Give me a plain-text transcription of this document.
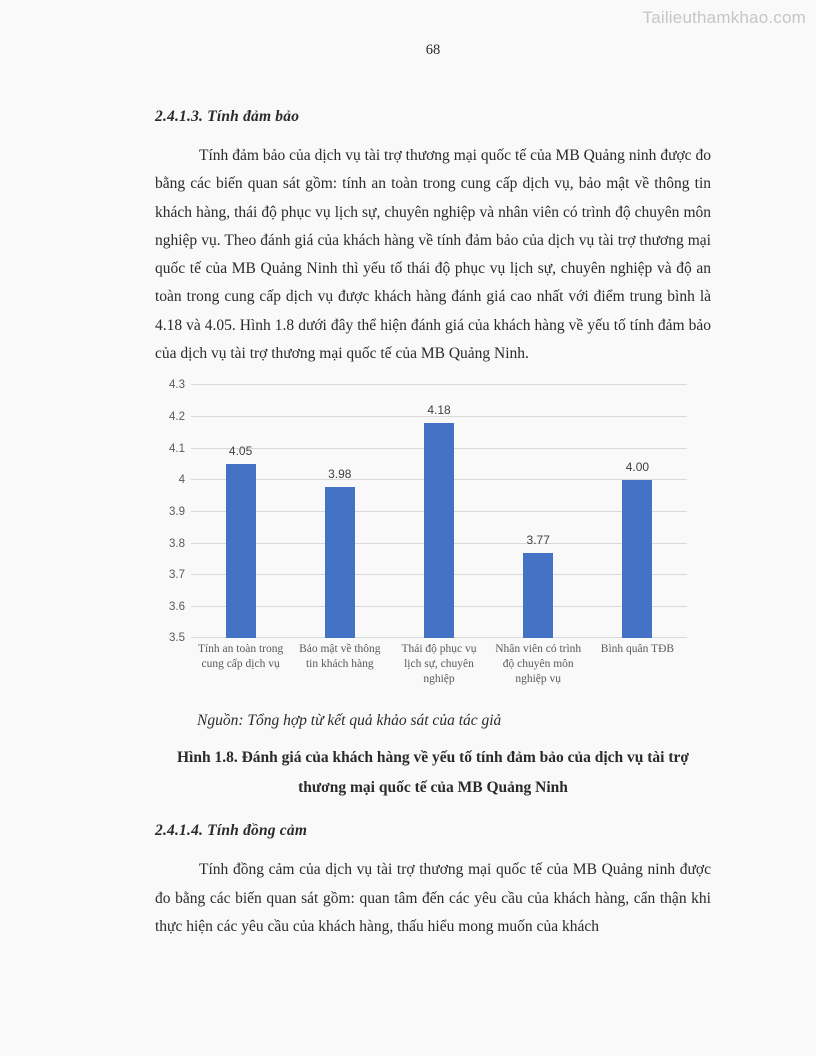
Tailieuthamkhao.com
68
2.4.1.3. Tính đảm bảo

Tính đảm bảo của dịch vụ tài trợ thương mại quốc tế của MB Quảng ninh được đo bằng các biến quan sát gồm: tính an toàn trong cung cấp dịch vụ, bảo mật về thông tin khách hàng, thái độ phục vụ lịch sự, chuyên nghiệp và nhân viên có trình độ chuyên môn nghiệp vụ. Theo đánh giá của khách hàng về tính đảm bảo của dịch vụ tài trợ thương mại quốc tế của MB Quảng Ninh thì yếu tố thái độ phục vụ lịch sự, chuyên nghiệp và độ an toàn trong cung cấp dịch vụ được khách hàng đánh giá cao nhất với điểm trung bình là 4.18 và 4.05. Hình 1.8 dưới đây thể hiện đánh giá của khách hàng về yếu tố tính đảm bảo của dịch vụ tài trợ thương mại quốc tế của MB Quảng Ninh.

3.5
3.6
3.7
3.8
3.9
4
4.1
4.2
4.3
4.05
3.98
4.18
3.77
4.00
Tính an toàn trong cung cấp dịch vụ
Bảo mật về thông tin khách hàng
Thái độ phục vụ lịch sự, chuyên nghiệp
Nhân viên có trình độ chuyên môn nghiệp vụ
Bình quân TĐB

Nguồn: Tổng hợp từ kết quả khảo sát của tác giả

Hình 1.8. Đánh giá của khách hàng về yếu tố tính đảm bảo của dịch vụ tài trợ thương mại quốc tế của MB Quảng Ninh

2.4.1.4. Tính đồng cảm

Tính đồng cảm của dịch vụ tài trợ thương mại quốc tế của MB Quảng ninh được đo bằng các biến quan sát gồm: quan tâm đến các yêu cầu của khách hàng, cẩn thận khi thực hiện các yêu cầu của khách hàng, thấu hiểu mong muốn của khách
